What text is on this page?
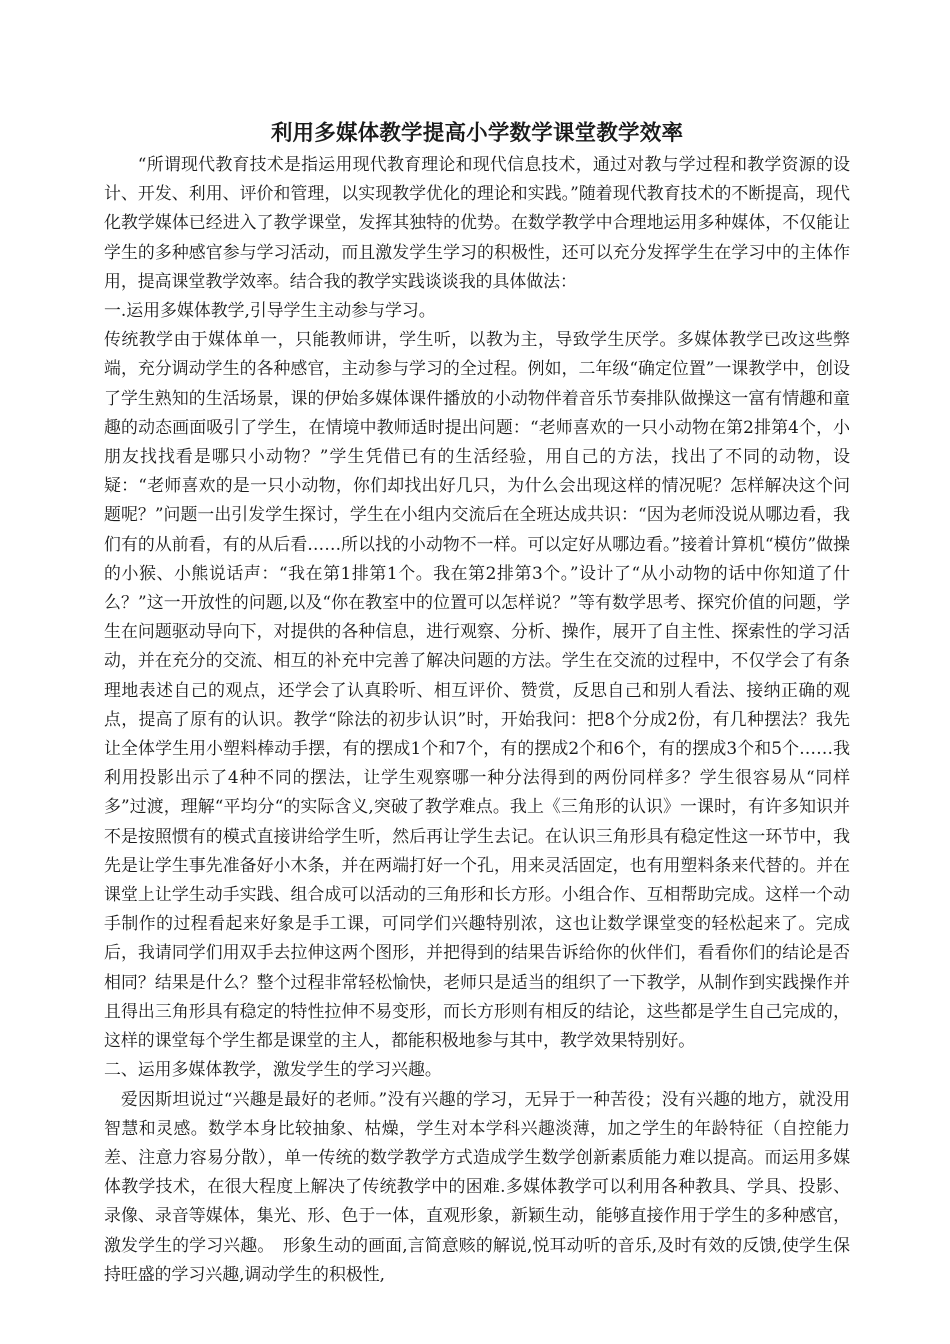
利用多媒体教学提高小学数学课堂教学效率

“所谓现代教育技术是指运用现代教育理论和现代信息技术，通过对教与学过程和教学资源的设计、开发、利用、评价和管理，以实现教学优化的理论和实践。”随着现代教育技术的不断提高，现代化教学媒体已经进入了教学课堂，发挥其独特的优势。在数学教学中合理地运用多种媒体，不仅能让学生的多种感官参与学习活动，而且激发学生学习的积极性，还可以充分发挥学生在学习中的主体作用，提高课堂教学效率。结合我的教学实践谈谈我的具体做法：

一.运用多媒体教学,引导学生主动参与学习。

传统教学由于媒体单一，只能教师讲，学生听，以教为主，导致学生厌学。多媒体教学已改这些弊端，充分调动学生的各种感官，主动参与学习的全过程。例如，二年级“确定位置”一课教学中，创设了学生熟知的生活场景，课的伊始多媒体课件播放的小动物伴着音乐节奏排队做操这一富有情趣和童趣的动态画面吸引了学生，在情境中教师适时提出问题：“老师喜欢的一只小动物在第2排第4个，小朋友找找看是哪只小动物？”学生凭借已有的生活经验，用自己的方法，找出了不同的动物，设疑：“老师喜欢的是一只小动物，你们却找出好几只，为什么会出现这样的情况呢？怎样解决这个问题呢？”问题一出引发学生探讨，学生在小组内交流后在全班达成共识：“因为老师没说从哪边看，我们有的从前看，有的从后看……所以找的小动物不一样。可以定好从哪边看。”接着计算机“模仿”做操的小猴、小熊说话声：“我在第1排第1个。我在第2排第3个。”设计了“从小动物的话中你知道了什么？”这一开放性的问题,以及“你在教室中的位置可以怎样说？”等有数学思考、探究价值的问题，学生在问题驱动导向下，对提供的各种信息，进行观察、分析、操作，展开了自主性、探索性的学习活动，并在充分的交流、相互的补充中完善了解决问题的方法。学生在交流的过程中，不仅学会了有条理地表述自己的观点，还学会了认真聆听、相互评价、赞赏，反思自己和别人看法、接纳正确的观点，提高了原有的认识。教学“除法的初步认识”时，开始我问：把8个分成2份，有几种摆法？我先让全体学生用小塑料棒动手摆，有的摆成1个和7个，有的摆成2个和6个，有的摆成3个和5个……我利用投影出示了4种不同的摆法，让学生观察哪一种分法得到的两份同样多？学生很容易从“同样多”过渡，理解“平均分“的实际含义,突破了教学难点。我上《三角形的认识》一课时，有许多知识并不是按照惯有的模式直接讲给学生听，然后再让学生去记。在认识三角形具有稳定性这一环节中，我先是让学生事先准备好小木条，并在两端打好一个孔，用来灵活固定，也有用塑料条来代替的。并在课堂上让学生动手实践、组合成可以活动的三角形和长方形。小组合作、互相帮助完成。这样一个动手制作的过程看起来好象是手工课，可同学们兴趣特别浓，这也让数学课堂变的轻松起来了。完成后，我请同学们用双手去拉伸这两个图形，并把得到的结果告诉给你的伙伴们，看看你们的结论是否相同？结果是什么？整个过程非常轻松愉快，老师只是适当的组织了一下教学，从制作到实践操作并且得出三角形具有稳定的特性拉伸不易变形，而长方形则有相反的结论，这些都是学生自己完成的，这样的课堂每个学生都是课堂的主人，都能积极地参与其中，教学效果特别好。

二、运用多媒体教学，激发学生的学习兴趣。

爱因斯坦说过“兴趣是最好的老师。”没有兴趣的学习，无异于一种苦役；没有兴趣的地方，就没用智慧和灵感。数学本身比较抽象、枯燥，学生对本学科兴趣淡薄，加之学生的年龄特征（自控能力差、注意力容易分散），单一传统的数学教学方式造成学生数学创新素质能力难以提高。而运用多媒体教学技术，在很大程度上解决了传统教学中的困难.多媒体教学可以利用各种教具、学具、投影、录像、录音等媒体，集光、形、色于一体，直观形象，新颖生动，能够直接作用于学生的多种感官，激发学生的学习兴趣。　形象生动的画面,言简意赅的解说,悦耳动听的音乐,及时有效的反馈,使学生保持旺盛的学习兴趣,调动学生的积极性,
